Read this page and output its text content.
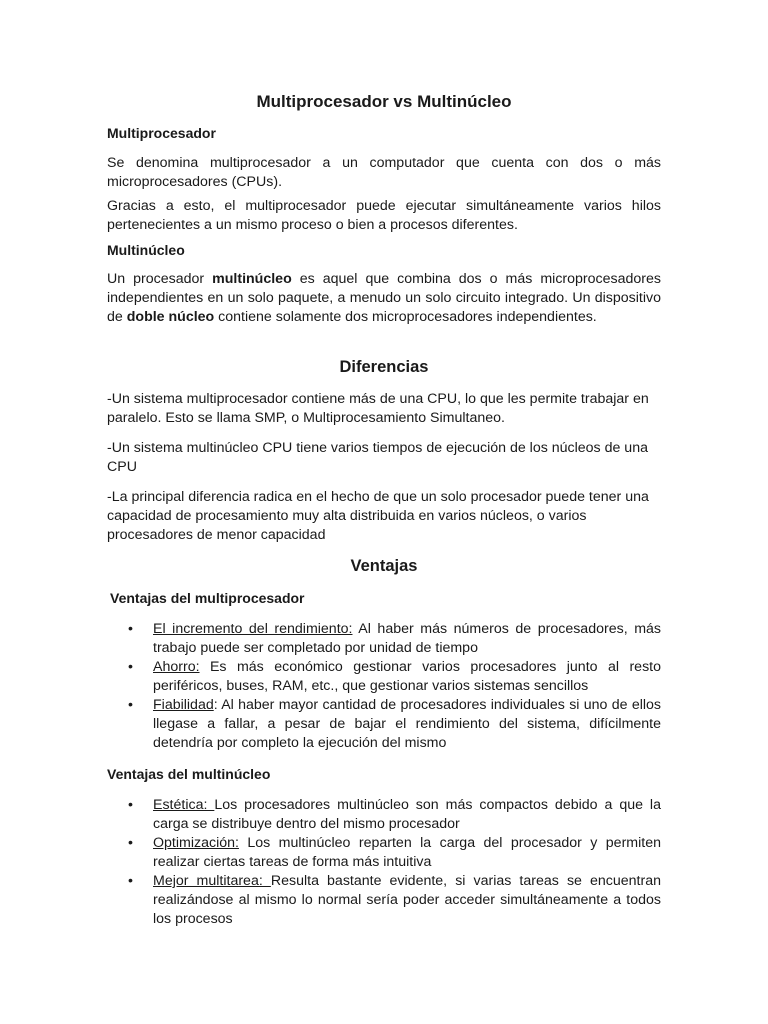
Multiprocesador vs Multinúcleo
Multiprocesador

Se denomina multiprocesador a un computador que cuenta con dos o más microprocesadores (CPUs).

Gracias a esto, el multiprocesador puede ejecutar simultáneamente varios hilos pertenecientes a un mismo proceso o bien a procesos diferentes.

Multinúcleo

Un procesador multinúcleo es aquel que combina dos o más microprocesadores independientes en un solo paquete, a menudo un solo circuito integrado. Un dispositivo de doble núcleo contiene solamente dos microprocesadores independientes.

Diferencias

-Un sistema multiprocesador contiene más de una CPU, lo que les permite trabajar en paralelo. Esto se llama SMP, o Multiprocesamiento Simultaneo.

-Un sistema multinúcleo CPU tiene varios tiempos de ejecución de los núcleos de una CPU

-La principal diferencia radica en el hecho de que un solo procesador puede tener una capacidad de procesamiento muy alta distribuida en varios núcleos, o varios procesadores de menor capacidad

Ventajas
Ventajas del multiprocesador
•	El incremento del rendimiento: Al haber más números de procesadores, más trabajo puede ser completado por unidad de tiempo
•	Ahorro: Es más económico gestionar varios procesadores junto al resto periféricos, buses, RAM, etc., que gestionar varios sistemas sencillos
•	Fiabilidad: Al haber mayor cantidad de procesadores individuales si uno de ellos llegase a fallar, a pesar de bajar el rendimiento del sistema, difícilmente detendría por completo la ejecución del mismo
Ventajas del multinúcleo
•	Estética: Los procesadores multinúcleo son más compactos debido a que la carga se distribuye dentro del mismo procesador
•	Optimización: Los multinúcleo reparten la carga del procesador y permiten realizar ciertas tareas de forma más intuitiva
•	Mejor multitarea: Resulta bastante evidente, si varias tareas se encuentran realizándose al mismo lo normal sería poder acceder simultáneamente a todos los procesos
